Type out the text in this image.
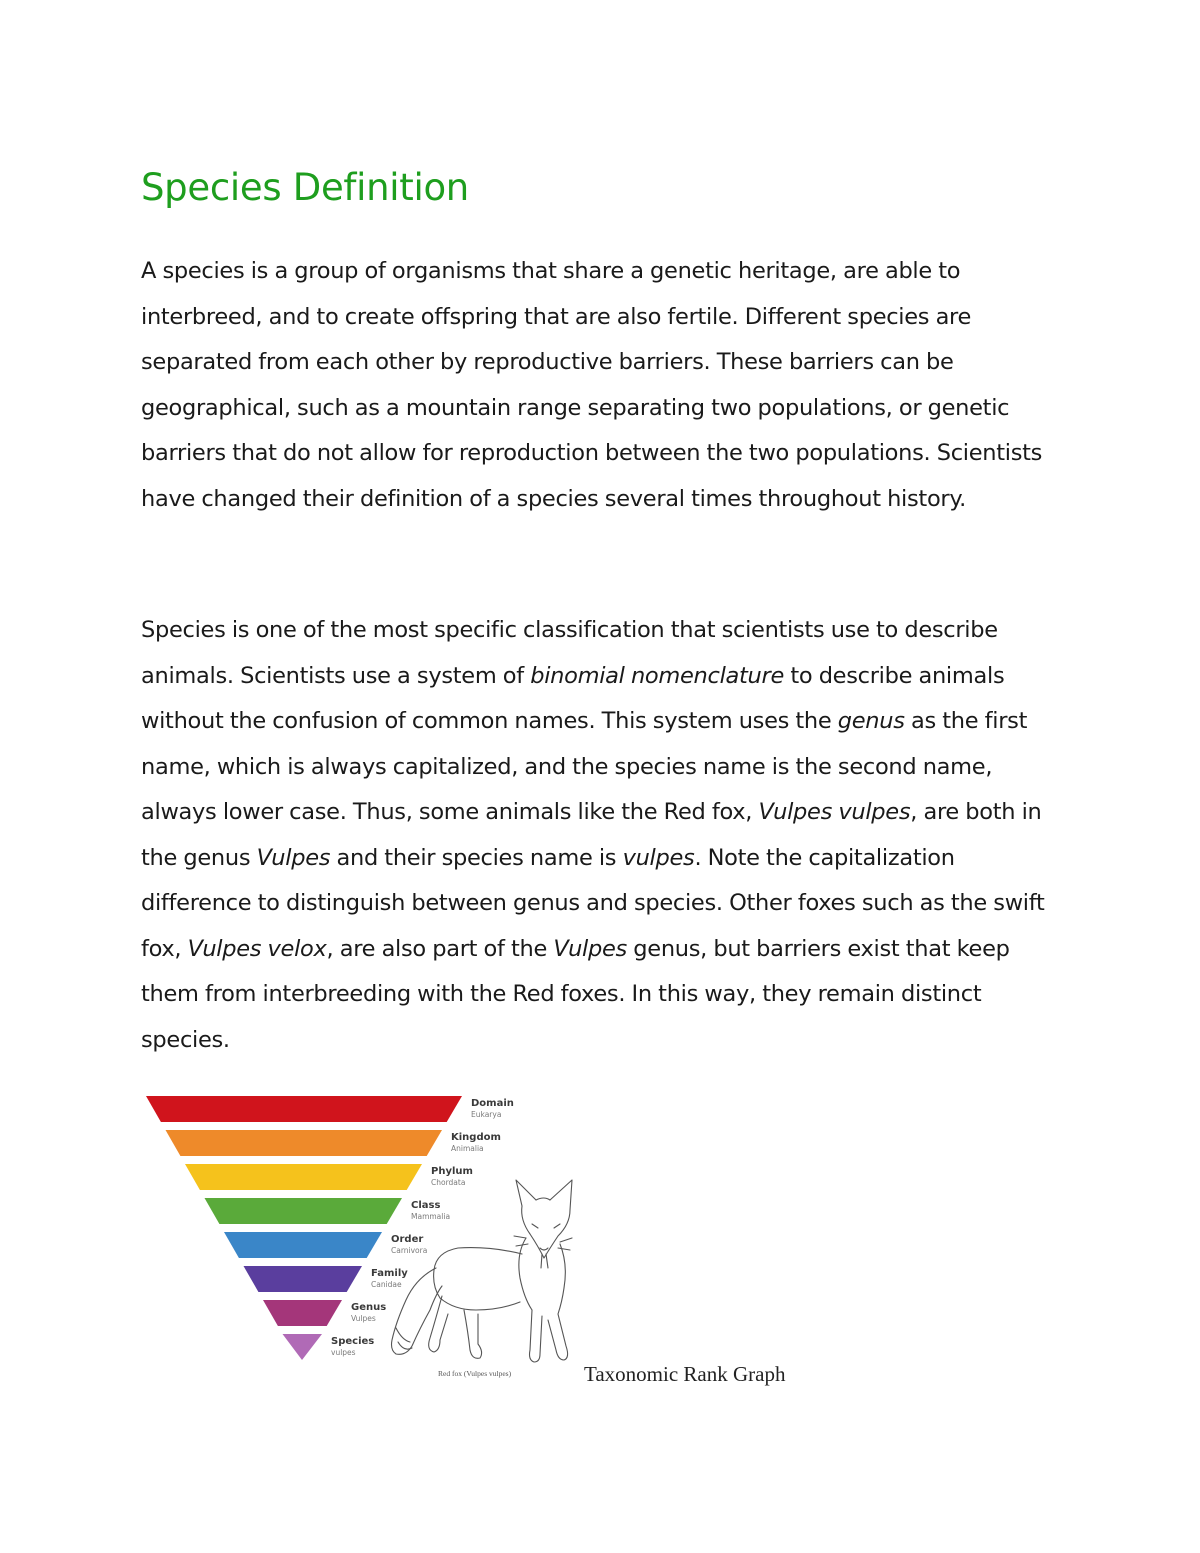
Species Definition

A species is a group of organisms that share a genetic heritage, are able to interbreed, and to create offspring that are also fertile. Different species are separated from each other by reproductive barriers. These barriers can be geographical, such as a mountain range separating two populations, or genetic barriers that do not allow for reproduction between the two populations. Scientists have changed their definition of a species several times throughout history.

Species is one of the most specific classification that scientists use to describe animals. Scientists use a system of binomial nomenclature to describe animals without the confusion of common names. This system uses the genus as the first name, which is always capitalized, and the species name is the second name, always lower case. Thus, some animals like the Red fox, Vulpes vulpes, are both in the genus Vulpes and their species name is vulpes. Note the capitalization difference to distinguish between genus and species. Other foxes such as the swift fox, Vulpes velox, are also part of the Vulpes genus, but barriers exist that keep them from interbreeding with the Red foxes. In this way, they remain distinct species.

Domain
Eukarya
Kingdom
Animalia
Phylum
Chordata
Class
Mammalia
Order
Carnivora
Family
Canidae
Genus
Vulpes
Species
vulpes
Red fox (Vulpes vulpes)	Taxonomic Rank Graph
